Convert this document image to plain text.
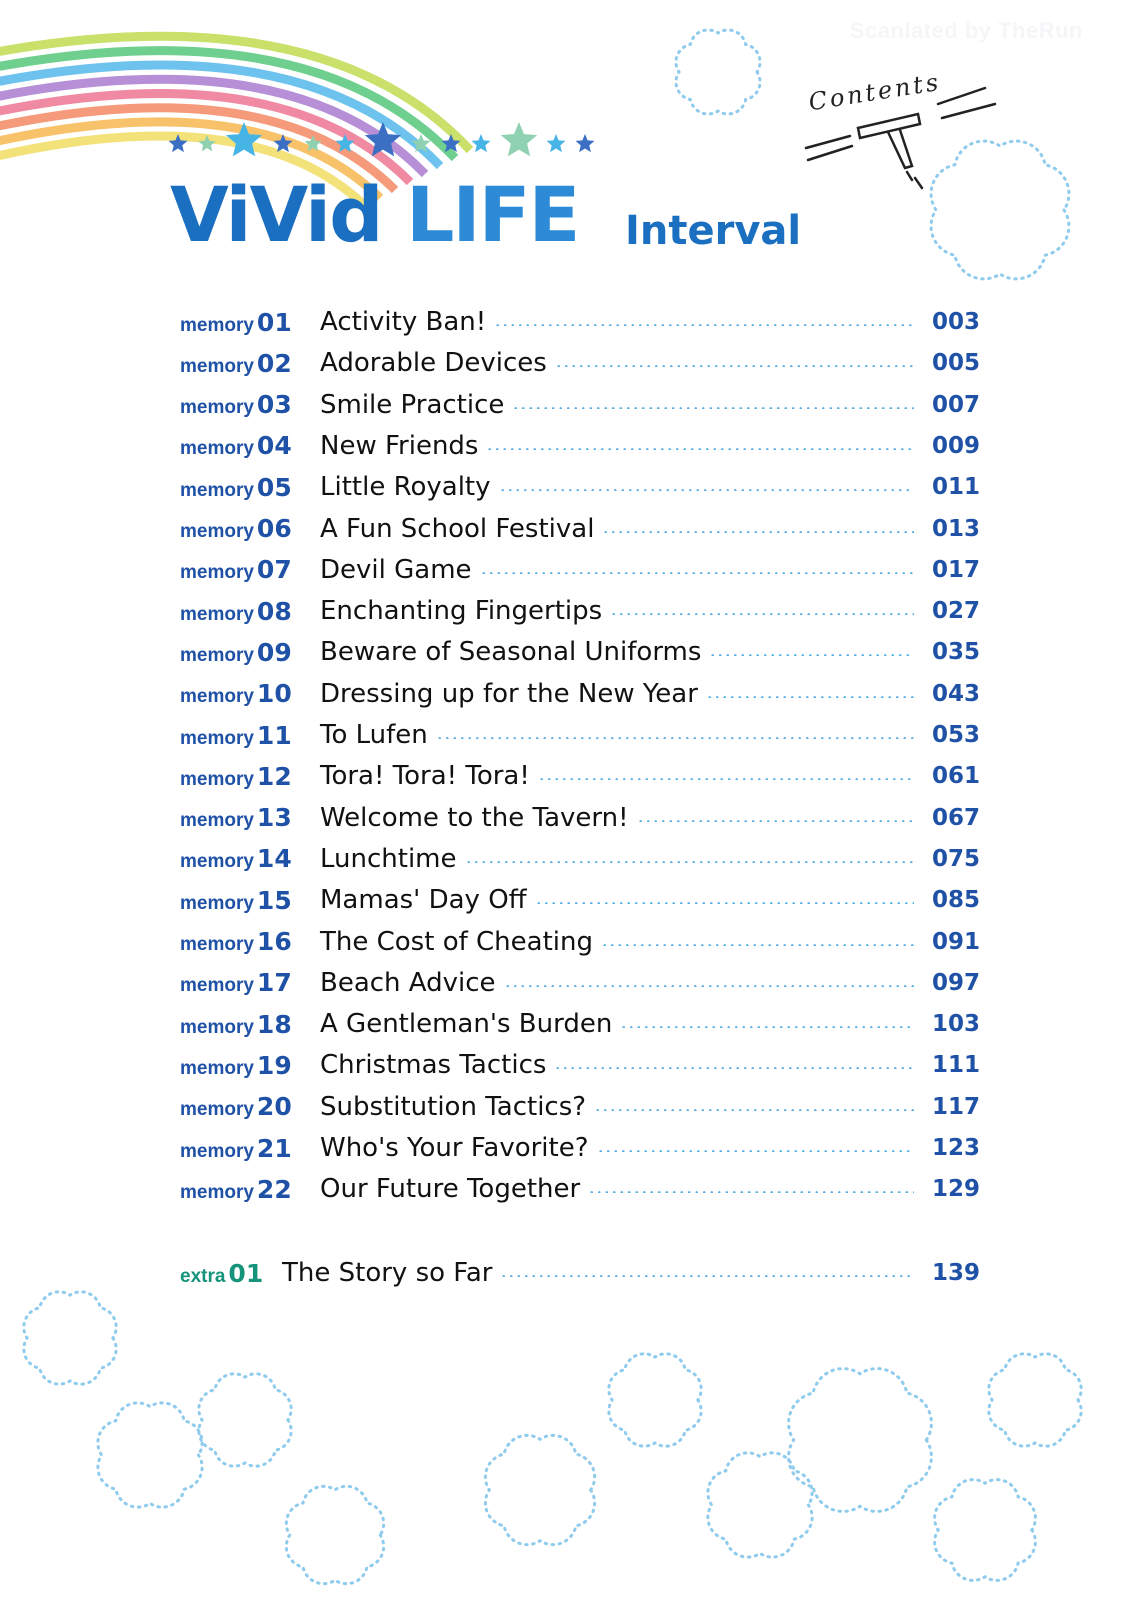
Scanlated by TheRun
Contents
ViVid LIFE Interval
memory 01 Activity Ban!	003
memory 02 Adorable Devices	005
memory 03 Smile Practice	007
memory 04 New Friends	009
memory 05 Little Royalty	011
memory 06 A Fun School Festival	013
memory 07 Devil Game	017
memory 08 Enchanting Fingertips	027
memory 09 Beware of Seasonal Uniforms	035
memory 10 Dressing up for the New Year	043
memory 11 To Lufen	053
memory 12 Tora! Tora! Tora!	061
memory 13 Welcome to the Tavern!	067
memory 14 Lunchtime	075
memory 15 Mamas' Day Off	085
memory 16 The Cost of Cheating	091
memory 17 Beach Advice	097
memory 18 A Gentleman's Burden	103
memory 19 Christmas Tactics	111
memory 20 Substitution Tactics?	117
memory 21 Who's Your Favorite?	123
memory 22 Our Future Together	129
extra 01 The Story so Far	139
